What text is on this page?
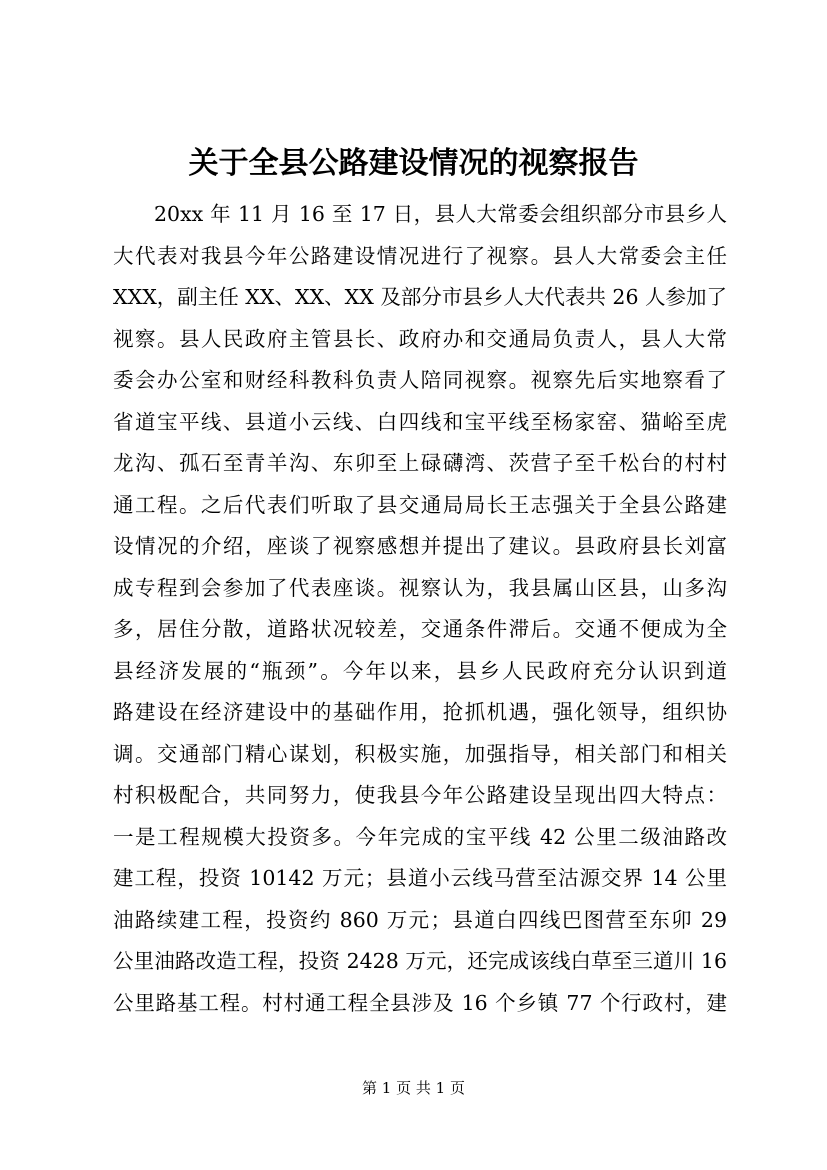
关于全县公路建设情况的视察报告
20xx 年 11 月 16 至 17 日，县人大常委会组织部分市县乡人
大代表对我县今年公路建设情况进行了视察。县人大常委会主任
XXX，副主任 XX、XX、XX 及部分市县乡人大代表共 26 人参加了
视察。县人民政府主管县长、政府办和交通局负责人，县人大常
委会办公室和财经科教科负责人陪同视察。视察先后实地察看了
省道宝平线、县道小云线、白四线和宝平线至杨家窑、猫峪至虎
龙沟、孤石至青羊沟、东卯至上碌礴湾、茨营子至千松台的村村
通工程。之后代表们听取了县交通局局长王志强关于全县公路建
设情况的介绍，座谈了视察感想并提出了建议。县政府县长刘富
成专程到会参加了代表座谈。视察认为，我县属山区县，山多沟
多，居住分散，道路状况较差，交通条件滞后。交通不便成为全
县经济发展的“瓶颈”。今年以来，县乡人民政府充分认识到道
路建设在经济建设中的基础作用，抢抓机遇，强化领导，组织协
调。交通部门精心谋划，积极实施，加强指导，相关部门和相关
村积极配合，共同努力，使我县今年公路建设呈现出四大特点：
一是工程规模大投资多。今年完成的宝平线 42 公里二级油路改
建工程，投资 10142 万元；县道小云线马营至沽源交界 14 公里
油路续建工程，投资约 860 万元；县道白四线巴图营至东卯 29
公里油路改造工程，投资 2428 万元，还完成该线白草至三道川 16
公里路基工程。村村通工程全县涉及 16 个乡镇 77 个行政村，建
第 1 页 共 1 页
